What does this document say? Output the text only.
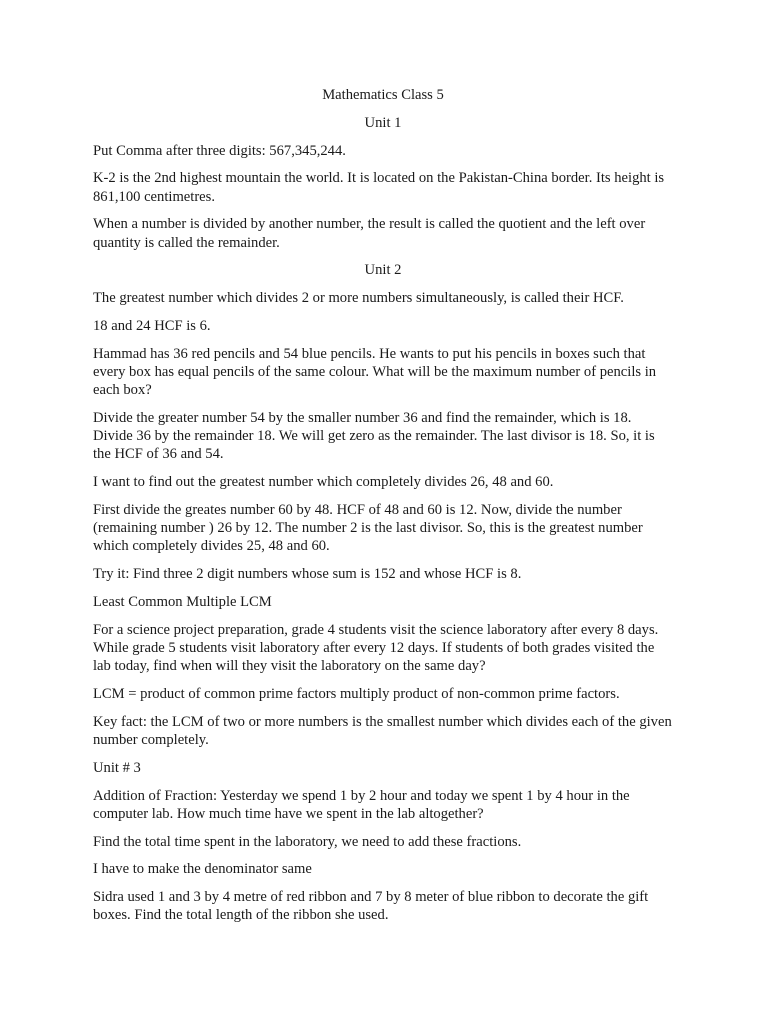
Mathematics Class 5

Unit 1

Put Comma after three digits: 567,345,244.

K-2 is the 2nd highest mountain the world. It is located on the Pakistan-China border. Its height is 861,100 centimetres.

When a number is divided by another number, the result is called the quotient and the left over quantity is called the remainder.

Unit 2

The greatest number which divides 2 or more numbers simultaneously, is called their HCF.

18 and 24 HCF is 6.

Hammad has 36 red pencils and 54 blue pencils. He wants to put his pencils in boxes such that every box has equal pencils of the same colour. What will be the maximum number of pencils in each box?

Divide the greater number 54 by the smaller number 36 and find the remainder, which is 18. Divide 36 by the remainder 18. We will get zero as the remainder. The last divisor is 18. So, it is the HCF of 36 and 54.

I want to find out the greatest number which completely divides 26, 48 and 60.

First divide the greates number 60 by 48. HCF of 48 and 60 is 12. Now, divide the number (remaining number ) 26 by 12. The number 2 is the last divisor. So, this is the greatest number which completely divides 25, 48 and 60.

Try it: Find three 2 digit numbers whose sum is 152 and whose HCF is 8.

Least Common Multiple LCM

For a science project preparation, grade 4 students visit the science laboratory after every 8 days. While grade 5 students visit laboratory after every 12 days. If students of both grades visited the lab today, find when will they visit the laboratory on the same day?

LCM = product of common prime factors multiply product of non-common prime factors.

Key fact: the LCM of two or more numbers is the smallest number which divides each of the given number completely.

Unit # 3

Addition of Fraction: Yesterday we spend 1 by 2 hour and today we spent 1 by 4 hour in the computer lab. How much time have we spent in the lab altogether?

Find the total time spent in the laboratory, we need to add these fractions.

I have to make the denominator same

Sidra used 1 and 3 by 4 metre of red ribbon and 7 by 8 meter of blue ribbon to decorate the gift boxes. Find the total length of the ribbon she used.
